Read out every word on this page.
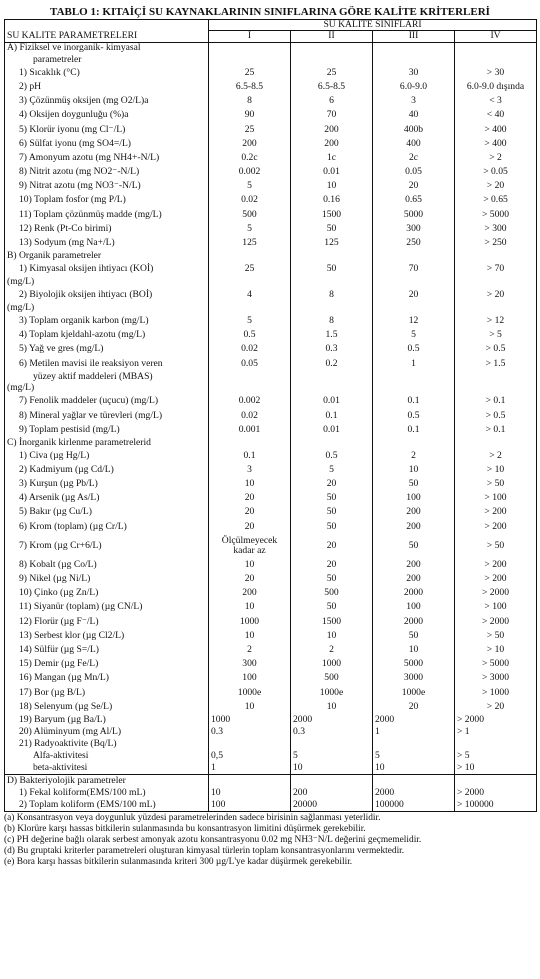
TABLO 1: KITAİÇİ SU KAYNAKLARININ SINIFLARINA GÖRE KALİTE KRİTERLERİ
	SU KALİTE SINIFLARI			
SU KALİTE PARAMETRELERİ	I	II	III	IV
A) Fiziksel ve inorganik- kimyasal				
parametreler				
1) Sıcaklık (°C)	25	25	30	> 30
2) pH	6.5-8.5	6.5-8.5	6.0-9.0	6.0-9.0 dışında
3) Çözünmüş oksijen (mg O2/L)a	8	6	3	< 3
4) Oksijen doygunluğu (%)a	90	70	40	< 40
5) Klorür iyonu (mg Cl⁻/L)	25	200	400b	> 400
6) Sülfat iyonu (mg SO4=/L)	200	200	400	> 400
7) Amonyum azotu (mg NH4+-N/L)	0.2c	1c	2c	> 2
8) Nitrit azotu (mg NO2⁻-N/L)	0.002	0.01	0.05	> 0.05
9) Nitrat azotu (mg NO3⁻-N/L)	5	10	20	> 20
10) Toplam fosfor (mg P/L)	0.02	0.16	0.65	> 0.65
11) Toplam çözünmüş madde (mg/L)	500	1500	5000	> 5000
12) Renk (Pt-Co birimi)	5	50	300	> 300
13) Sodyum (mg Na+/L)	125	125	250	> 250
B) Organik parametreler				
1) Kimyasal oksijen ihtiyacı (KOİ)	25	50	70	> 70
(mg/L)				
2) Biyolojik oksijen ihtiyacı (BOİ)	4	8	20	> 20
(mg/L)				
3) Toplam organik karbon (mg/L)	5	8	12	> 12
4) Toplam kjeldahl-azotu (mg/L)	0.5	1.5	5	> 5
5) Yağ ve gres (mg/L)	0.02	0.3	0.5	> 0.5
6) Metilen mavisi ile reaksiyon veren	0.05	0.2	1	> 1.5
yüzey aktif maddeleri (MBAS)				
(mg/L)				
7) Fenolik maddeler (uçucu) (mg/L)	0.002	0.01	0.1	> 0.1
8) Mineral yağlar ve türevleri (mg/L)	0.02	0.1	0.5	> 0.5
9) Toplam pestisid (mg/L)	0.001	0.01	0.1	> 0.1
C) İnorganik kirlenme parametrelerid				
1) Civa (µg Hg/L)	0.1	0.5	2	> 2
2) Kadmiyum (µg Cd/L)	3	5	10	> 10
3) Kurşun (µg Pb/L)	10	20	50	> 50
4) Arsenik (µg As/L)	20	50	100	> 100
5) Bakır (µg Cu/L)	20	50	200	> 200
6) Krom (toplam) (µg Cr/L)	20	50	200	> 200
7) Krom (µg Cr+6/L)	Ölçülmeyecek kadar az	20	50	> 50
8) Kobalt (µg Co/L)	10	20	200	> 200
9) Nikel (µg Ni/L)	20	50	200	> 200
10) Çinko (µg Zn/L)	200	500	2000	> 2000
11) Siyanür (toplam) (µg CN/L)	10	50	100	> 100
12) Florür (µg F⁻/L)	1000	1500	2000	> 2000
13) Serbest klor (µg Cl2/L)	10	10	50	> 50
14) Sülfür (µg S=/L)	2	2	10	> 10
15) Demir (µg Fe/L)	300	1000	5000	> 5000
16) Mangan (µg Mn/L)	100	500	3000	> 3000
17) Bor (µg B/L)	1000e	1000e	1000e	> 1000
18) Selenyum (µg Se/L)	10	10	20	> 20
19) Baryum (µg Ba/L)	1000	2000	2000	> 2000
20) Alüminyum (mg Al/L)	0.3	0.3	1	> 1
21) Radyoaktivite (Bq/L)				
Alfa-aktivitesi	0,5	5	5	> 5
beta-aktivitesi	1	10	10	> 10
D) Bakteriyolojik parametreler				
1) Fekal koliform(EMS/100 mL)	10	200	2000	> 2000
2) Toplam koliform (EMS/100 mL)	100	20000	100000	> 100000
(a) Konsantrasyon veya doygunluk yüzdesi parametrelerinden sadece birisinin sağlanması yeterlidir.
(b) Klorüre karşı hassas bitkilerin sulanmasında bu konsantrasyon limitini düşürmek gerekebilir.
(c) PH değerine bağlı olarak serbest amonyak azotu konsantrasyonu 0.02 mg NH3⁻N/L değerini geçmemelidir.
(d) Bu gruptaki kriterler parametreleri oluşturan kimyasal türlerin toplam konsantrasyonlarını vermektedir.
(e) Bora karşı hassas bitkilerin sulanmasında kriteri 300 µg/L'ye kadar düşürmek gerekebilir.
